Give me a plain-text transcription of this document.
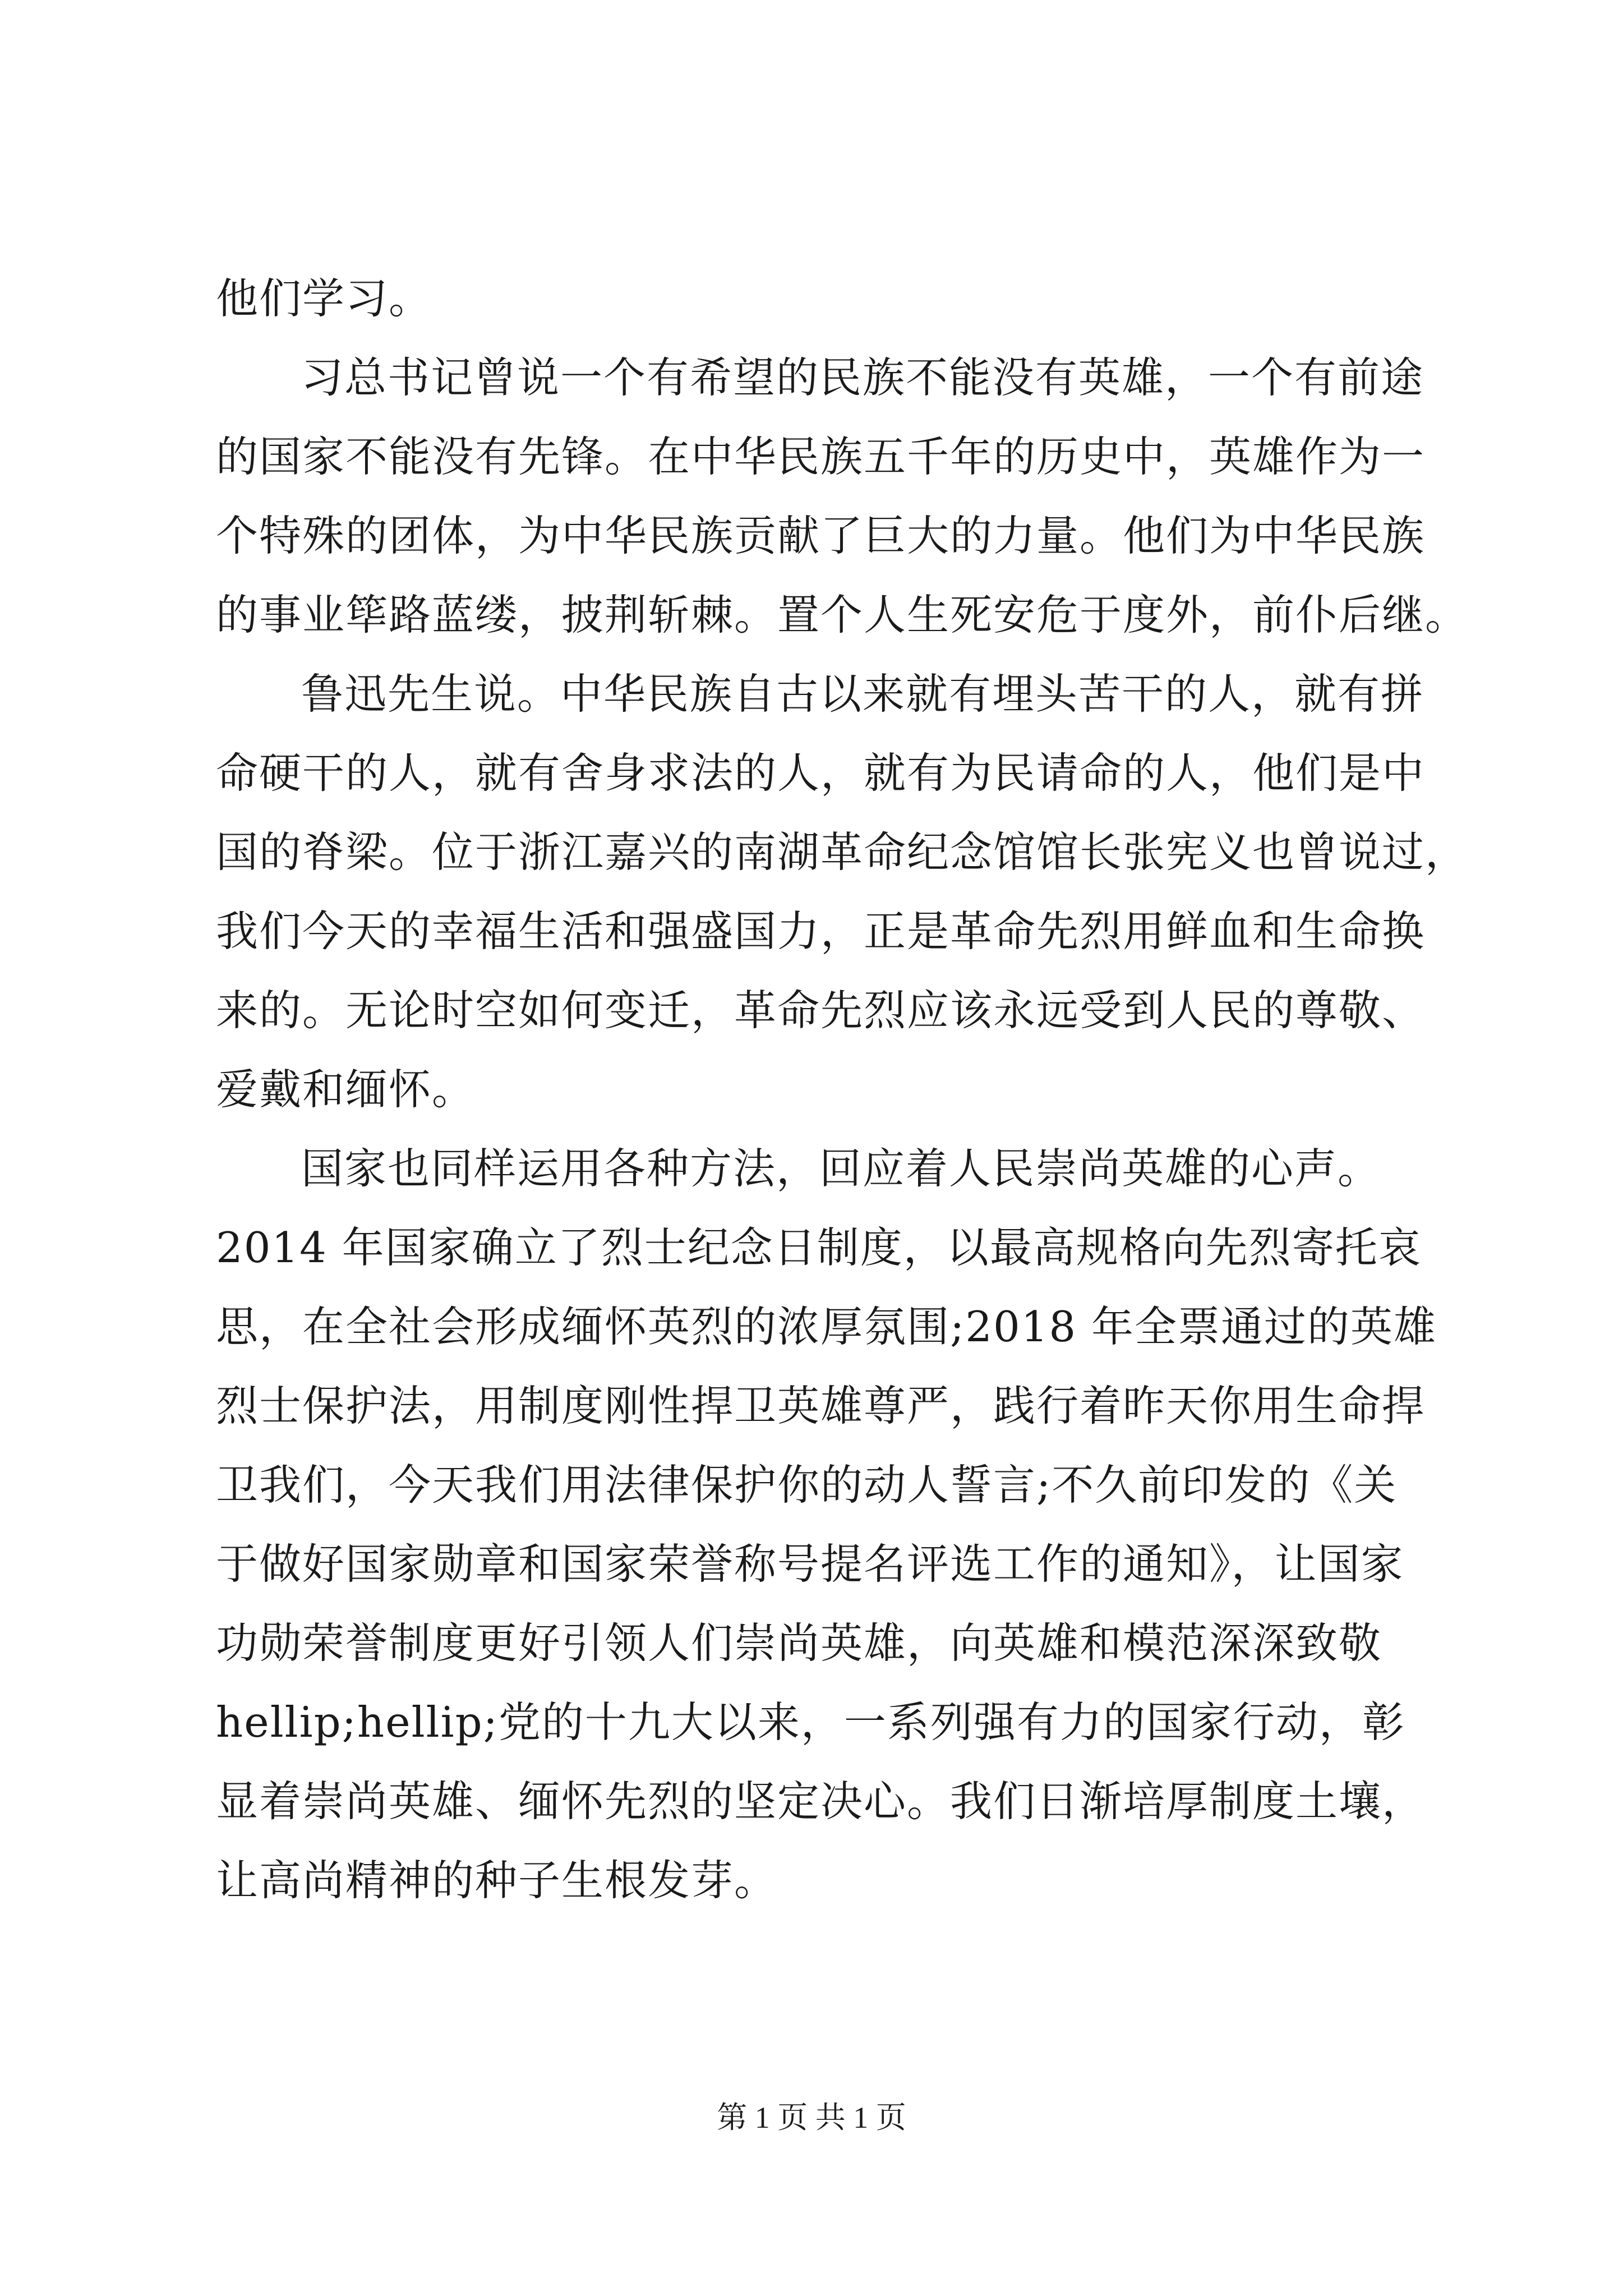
他们学习。
习总书记曾说一个有希望的民族不能没有英雄，一个有前途
的国家不能没有先锋。在中华民族五千年的历史中，英雄作为一
个特殊的团体，为中华民族贡献了巨大的力量。他们为中华民族
的事业筚路蓝缕，披荆斩棘。置个人生死安危于度外，前仆后继。
鲁迅先生说。中华民族自古以来就有埋头苦干的人，就有拼
命硬干的人，就有舍身求法的人，就有为民请命的人，他们是中
国的脊梁。位于浙江嘉兴的南湖革命纪念馆馆长张宪义也曾说过，
我们今天的幸福生活和强盛国力，正是革命先烈用鲜血和生命换
来的。无论时空如何变迁，革命先烈应该永远受到人民的尊敬、
爱戴和缅怀。
国家也同样运用各种方法，回应着人民崇尚英雄的心声。
2014 年国家确立了烈士纪念日制度，以最高规格向先烈寄托哀
思，在全社会形成缅怀英烈的浓厚氛围;2018 年全票通过的英雄
烈士保护法，用制度刚性捍卫英雄尊严，践行着昨天你用生命捍
卫我们，今天我们用法律保护你的动人誓言;不久前印发的《关
于做好国家勋章和国家荣誉称号提名评选工作的通知》，让国家
功勋荣誉制度更好引领人们崇尚英雄，向英雄和模范深深致敬
hellip;hellip;党的十九大以来，一系列强有力的国家行动，彰
显着崇尚英雄、缅怀先烈的坚定决心。我们日渐培厚制度土壤，
让高尚精神的种子生根发芽。
第 1 页 共 1 页
